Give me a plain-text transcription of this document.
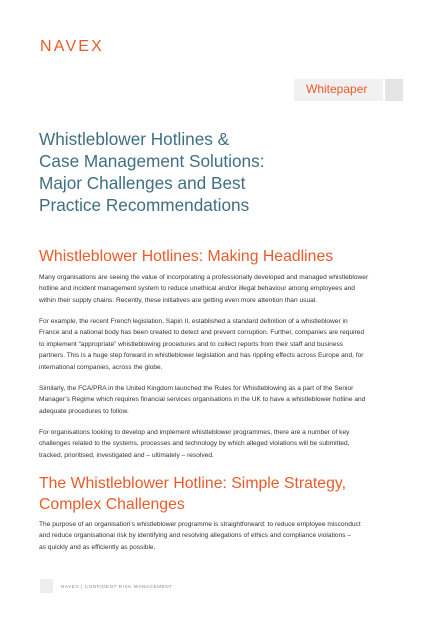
NAVEX
Whitepaper
Whistleblower Hotlines &
Case Management Solutions:
Major Challenges and Best
Practice Recommendations
Whistleblower Hotlines: Making Headlines
Many organisations are seeing the value of incorporating a professionally developed and managed whistleblower
hotline and incident management system to reduce unethical and/or illegal behaviour among employees and
within their supply chains. Recently, these initiatives are getting even more attention than usual.
For example, the recent French legislation, Sapin II, established a standard definition of a whistleblower in
France and a national body has been created to detect and prevent corruption. Further, companies are required
to implement “appropriate” whistleblowing procedures and to collect reports from their staff and business
partners. This is a huge step forward in whistleblower legislation and has rippling effects across Europe and, for
international companies, across the globe.
Similarly, the FCA/PRA in the United Kingdom launched the Rules for Whistleblowing as a part of the Senior
Manager’s Regime which requires financial services organisations in the UK to have a whistleblower hotline and
adequate procedures to follow.
For organisations looking to develop and implement whistleblower programmes, there are a number of key
challenges related to the systems, processes and technology by which alleged violations will be submitted,
tracked, prioritised, investigated and – ultimately – resolved.
The Whistleblower Hotline: Simple Strategy,
Complex Challenges
The purpose of an organisation’s whistleblower programme is straightforward: to reduce employee misconduct
and reduce organisational risk by identifying and resolving allegations of ethics and compliance violations –
as quickly and as efficiently as possible.
NAVEX | CONFIDENT RISK MANAGEMENT
